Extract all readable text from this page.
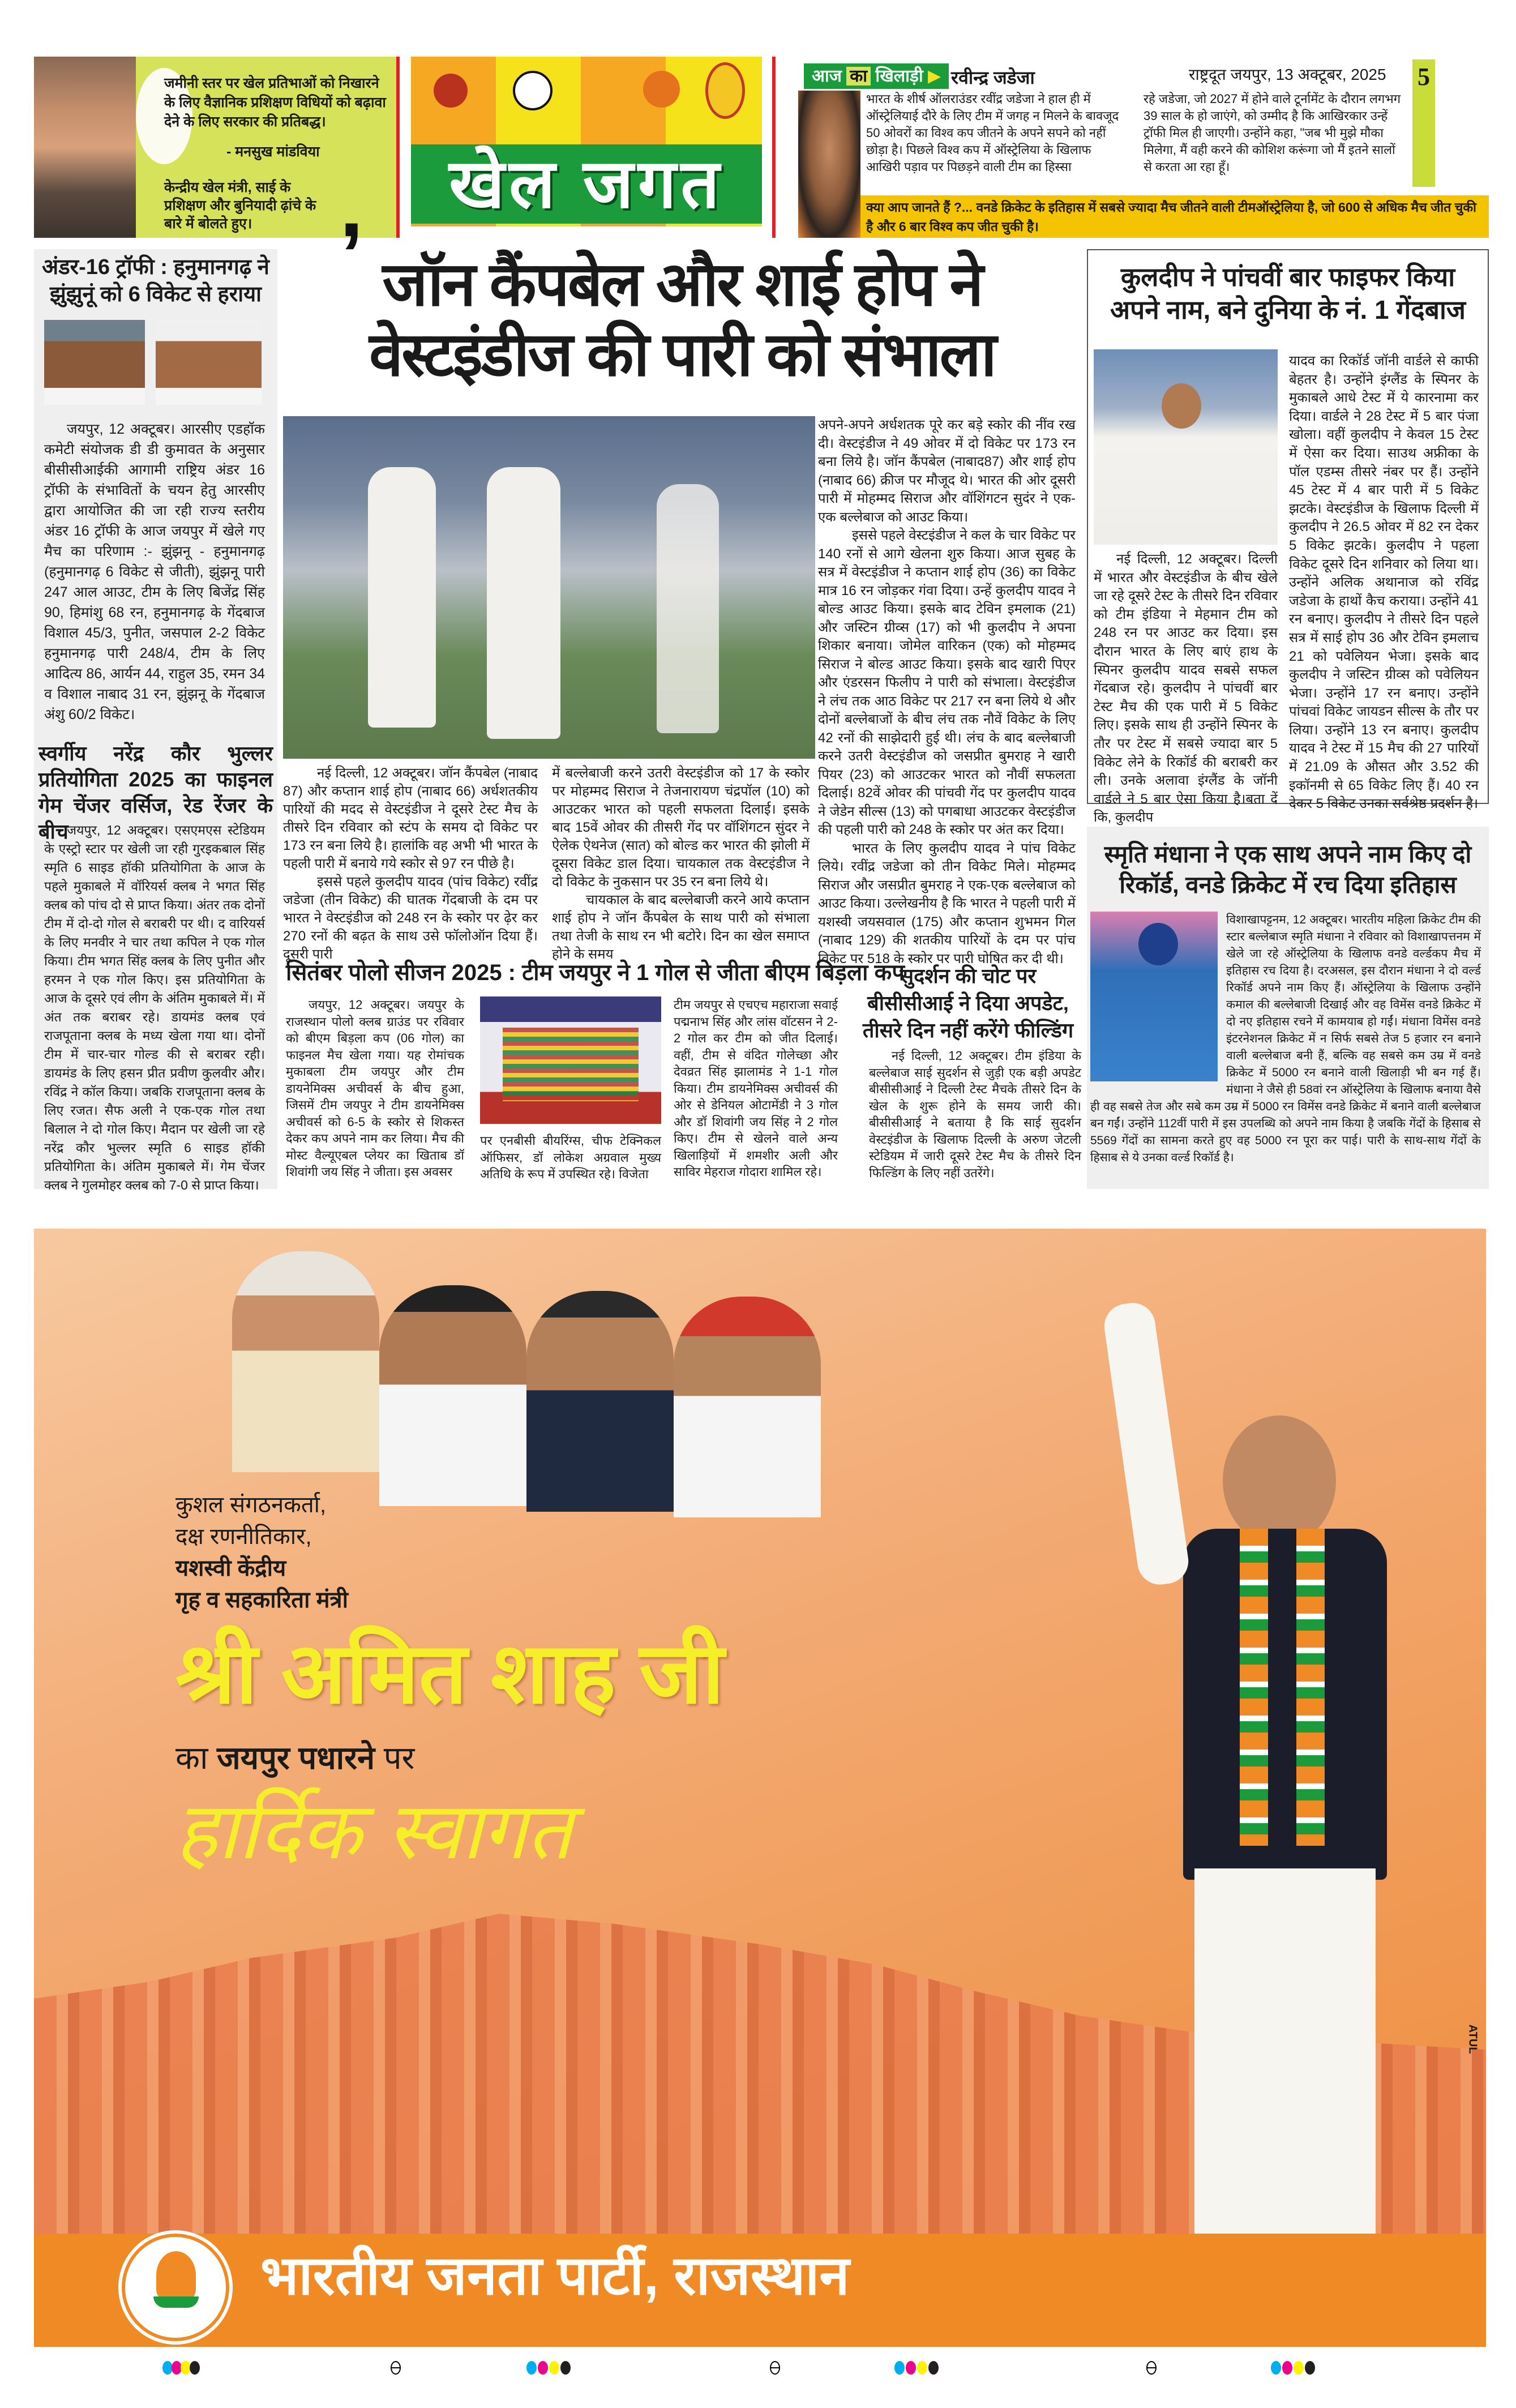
जमीनी स्तर पर खेल प्रतिभाओं को निखारने के लिए वैज्ञानिक प्रशिक्षण विधियों को बढ़ावा देने के लिए सरकार की प्रतिबद्ध।
- मनसुख मांडविया
केन्द्रीय खेल मंत्री, साई के प्रशिक्षण और बुनियादी ढ़ांचे के बारे में बोलते हुए।	,	खेल जगत
आज का खिलाड़ी ▶ रवीन्द्र जडेजा	राष्ट्रदूत जयपुर, 13 अक्टूबर, 2025	5
भारत के शीर्ष ऑलराउंडर रवींद्र जडेजा ने हाल ही में ऑस्ट्रेलियाई दौरे के लिए टीम में जगह न मिलने के बावजूद 50 ओवरों का विश्व कप जीतने के अपने सपने को नहीं छोड़ा है। पिछले विश्व कप में ऑस्ट्रेलिया के खिलाफ आखिरी पड़ाव पर पिछड़ने वाली टीम का हिस्सा
रहे जडेजा, जो 2027 में होने वाले टूर्नामेंट के दौरान लगभग 39 साल के हो जाएंगे, को उम्मीद है कि आखिरकार उन्हें ट्रॉफी मिल ही जाएगी। उन्होंने कहा, "जब भी मुझे मौका मिलेगा, मैं वही करने की कोशिश करूंगा जो मैं इतने सालों से करता आ रहा हूँ।
क्या आप जानते हैं ?... वनडे क्रिकेट के इतिहास में सबसे ज्यादा मैच जीतने वाली टीमऑस्ट्रेलिया है, जो 600 से अधिक मैच जीत चुकी है और 6 बार विश्व कप जीत चुकी है।
अंडर-16 ट्रॉफी : हनुमानगढ़ ने झुंझुनूं को 6 विकेट से हराया
जयपुर, 12 अक्टूबर। आरसीए एडहॉक कमेटी संयोजक डी डी कुमावत के अनुसार बीसीसीआईकी आगामी राष्ट्रिय अंडर 16 ट्रॉफी के संभावितों के चयन हेतु आरसीए द्वारा आयोजित की जा रही राज्य स्तरीय अंडर 16 ट्रॉफी के आज जयपुर में खेले गए मैच का परिणाम :- झुंझनू - हनुमानगढ़ (हनुमानगढ़ 6 विकेट से जीती), झुंझनू पारी 247 आल आउट, टीम के लिए बिजेंद्र सिंह 90, हिमांशु 68 रन, हनुमानगढ़ के गेंदबाज विशाल 45/3, पुनीत, जसपाल 2-2 विकेट हनुमानगढ़ पारी 248/4, टीम के लिए आदित्य 86, आर्यन 44, राहुल 35, रमन 34 व विशाल नाबाद 31 रन, झुंझनू के गेंदबाज अंशु 60/2 विकेट।
स्वर्गीय नरेंद्र कौर भुल्लर प्रतियोगिता 2025 का फाइनल गेम चेंजर वर्सिज, रेड रेंजर के बीच
जयपुर, 12 अक्टूबर। एसएमएस स्टेडियम के एस्ट्रो स्टार पर खेली जा रही गुरइकबाल सिंह स्मृति 6 साइड हॉकी प्रतियोगिता के आज के पहले मुकाबले में वॉरियर्स क्लब ने भगत सिंह क्लब को पांच दो से प्राप्त किया। अंतर तक दोनों टीम में दो-दो गोल से बराबरी पर थी। द वारियर्स के लिए मनवीर ने चार तथा कपिल ने एक गोल किया। टीम भगत सिंह क्लब के लिए पुनीत और हरमन ने एक गोल किए। इस प्रतियोगिता के आज के दूसरे एवं लीग के अंतिम मुकाबले में। में अंत तक बराबर रहे। डायमंड क्लब एवं राजपूताना क्लब के मध्य खेला गया था। दोनों टीम में चार-चार गोल्ड की से बराबर रही। डायमंड के लिए हसन प्रीत प्रवीण कुलवीर और। रविंद्र ने कॉल किया। जबकि राजपूताना क्लब के लिए रजत। सैफ अली ने एक-एक गोल तथा बिलाल ने दो गोल किए। मैदान पर खेली जा रहे नरेंद्र कौर भुल्लर स्मृति 6 साइड हॉकी प्रतियोगिता के। अंतिम मुकाबले में। गेम चेंजर क्लब ने गुलमोहर क्लब को 7-0 से प्राप्त किया।
जॉन कैंपबेल और शाई होप ने वेस्टइंडीज की पारी को संभाला

नई दिल्ली, 12 अक्टूबर। जॉन कैंपबेल (नाबाद 87) और कप्तान शाई होप (नाबाद 66) अर्धशतकीय पारियों की मदद से वेस्टइंडीज ने दूसरे टेस्ट मैच के तीसरे दिन रविवार को स्टंप के समय दो विकेट पर 173 रन बना लिये है। हालांकि वह अभी भी भारत के पहली पारी में बनाये गये स्कोर से 97 रन पीछे है।

इससे पहले कुलदीप यादव (पांच विकेट) रवींद्र जडेजा (तीन विकेट) की घातक गेंदबाजी के दम पर भारत ने वेस्टइंडीज को 248 रन के स्कोर पर ढ़ेर कर 270 रनों की बढ़त के साथ उसे फॉलोऑन दिया हैं। दूसरी पारी

में बल्लेबाजी करने उतरी वेस्टइंडीज को 17 के स्कोर पर मोहम्मद सिराज ने तेजनारायण चंद्रपॉल (10) को आउटकर भारत को पहली सफलता दिलाई। इसके बाद 15वें ओवर की तीसरी गेंद पर वॉशिंगटन सुंदर ने ऐलेक ऐथनेज (सात) को बोल्ड कर भारत की झोली में दूसरा विकेट डाल दिया। चायकाल तक वेस्टइंडीज ने दो विकेट के नुकसान पर 35 रन बना लिये थे।

चायकाल के बाद बल्लेबाजी करने आये कप्तान शाई होप ने जॉन कैंपबेल के साथ पारी को संभाला तथा तेजी के साथ रन भी बटोरे। दिन का खेल समाप्त होने के समय

अपने-अपने अर्धशतक पूरे कर बड़े स्कोर की नींव रख दी। वेस्टइंडीज ने 49 ओवर में दो विकेट पर 173 रन बना लिये है। जॉन कैंपबेल (नाबाद87) और शाई होप (नाबाद 66) क्रीज पर मौजूद थे। भारत की ओर दूसरी पारी में मोहम्मद सिराज और वॉशिंगटन सुदंर ने एक-एक बल्लेबाज को आउट किया।

इससे पहले वेस्टइंडीज ने कल के चार विकेट पर 140 रनों से आगे खेलना शुरु किया। आज सुबह के सत्र में वेस्टइंडीज ने कप्तान शाई होप (36) का विकेट मात्र 16 रन जोड़कर गंवा दिया। उन्हें कुलदीप यादव ने बोल्ड आउट किया। इसके बाद टेविन इमलाक (21) और जस्टिन ग्रीव्स (17) को भी कुलदीप ने अपना शिकार बनाया। जोमेल वारिकन (एक) को मोहम्मद सिराज ने बोल्ड आउट किया। इसके बाद खारी पिएर और एंडरसन फिलीप ने पारी को संभाला। वेस्टइंडीज ने लंच तक आठ विकेट पर 217 रन बना लिये थे और दोनों बल्लेबाजों के बीच लंच तक नौवें विकेट के लिए 42 रनों की साझेदारी हुई थी। लंच के बाद बल्लेबाजी करने उतरी वेस्टइंडीज को जसप्रीत बुमराह ने खारी पियर (23) को आउटकर भारत को नौवीं सफलता दिलाई। 82वें ओवर की पांचवी गेंद पर कुलदीप यादव ने जेडेन सील्स (13) को पगबाधा आउटकर वेस्टइंडीज की पहली पारी को 248 के स्कोर पर अंत कर दिया।

भारत के लिए कुलदीप यादव ने पांच विकेट लिये। रवींद्र जडेजा को तीन विकेट मिले। मोहम्मद सिराज और जसप्रीत बुमराह ने एक-एक बल्लेबाज को आउट किया। उल्लेखनीय है कि भारत ने पहली पारी में यशस्वी जयसवाल (175) और कप्तान शुभमन गिल (नाबाद 129) की शतकीय पारियों के दम पर पांच विकेट पर 518 के स्कोर पर पारी घोषित कर दी थी।

सितंबर पोलो सीजन 2025 : टीम जयपुर ने 1 गोल से जीता बीएम बिड़ला कप
जयपुर, 12 अक्टूबर। जयपुर के राजस्थान पोलो क्लब ग्राउंड पर रविवार को बीएम बिड़ला कप (06 गोल) का फाइनल मैच खेला गया। यह रोमांचक मुकाबला टीम जयपुर और टीम डायनेमिक्स अचीवर्स के बीच हुआ, जिसमें टीम जयपुर ने टीम डायनेमिक्स अचीवर्स को 6-5 के स्कोर से शिकस्त देकर कप अपने नाम कर लिया। मैच की मोस्ट वैल्यूएबल प्लेयर का खिताब डॉ शिवांगी जय सिंह ने जीता। इस अवसर
पर एनबीसी बीयरिंग्स, चीफ टेक्निकल ऑफिसर, डॉ लोकेश अग्रवाल मुख्य अतिथि के रूप में उपस्थित रहे। विजेता
टीम जयपुर से एचएच महाराजा सवाई पद्मनाभ सिंह और लांस वॉटसन ने 2-2 गोल कर टीम को जीत दिलाई। वहीं, टीम से वंदित गोलेच्छा और देवव्रत सिंह झालामंड ने 1-1 गोल किया। टीम डायनेमिक्स अचीवर्स की ओर से डेनियल ओटामेंडी ने 3 गोल और डॉ शिवांगी जय सिंह ने 2 गोल किए। टीम से खेलने वाले अन्य खिलाड़ियों में शमशीर अली और साविर मेहराज गोदारा शामिल रहे।
सुदर्शन की चोट पर बीसीसीआई ने दिया अपडेट, तीसरे दिन नहीं करेंगे फील्डिंग
नई दिल्ली, 12 अक्टूबर। टीम इंडिया के बल्लेबाज साई सुदर्शन से जुड़ी एक बड़ी अपडेट बीसीसीआई ने दिल्ली टेस्ट मैचके तीसरे दिन के खेल के शुरू होने के समय जारी की। बीसीसीआई ने बताया है कि साई सुदर्शन वेस्टइंडीज के खिलाफ दिल्ली के अरुण जेटली स्टेडियम में जारी दूसरे टेस्ट मैच के तीसरे दिन फिल्डिंग के लिए नहीं उतरेंगे।
कुलदीप ने पांचवीं बार फाइफर किया अपने नाम, बने दुनिया के नं. 1 गेंदबाज
यादव का रिकॉर्ड जॉनी वार्डले से काफी बेहतर है। उन्होंने इंग्लैंड के स्पिनर के मुकाबले आधे टेस्ट में ये कारनामा कर दिया। वार्डले ने 28 टेस्ट में 5 बार पंजा खोला। वहीं कुलदीप ने केवल 15 टेस्ट में ऐसा कर दिया। साउथ अफ्रीका के पॉल एडम्स तीसरे नंबर पर हैं। उन्होंने 45 टेस्ट में 4 बार पारी में 5 विकेट झटके। वेस्टइंडीज के खिलाफ दिल्ली में कुलदीप ने 26.5 ओवर में 82 रन देकर 5 विकेट झटके। कुलदीप ने पहला विकेट दूसरे दिन शनिवार को लिया था। उन्होंने अलिक अथानाज को रविंद्र जडेजा के हाथों कैच कराया। उन्होंने 41 रन बनाए। कुलदीप ने तीसरे दिन पहले सत्र में साई होप 36 और टेविन इमलाच 21 को पवेलियन भेजा। इसके बाद कुलदीप ने जस्टिन ग्रीव्स को पवेलियन भेजा। उन्होंने 17 रन बनाए। उन्होंने पांचवां विकेट जायडन सील्स के तौर पर लिया। उन्होंने 13 रन बनाए। कुलदीप यादव ने टेस्ट में 15 मैच की 27 पारियों में 21.09 के औसत और 3.52 की इकॉनमी से 65 विकेट लिए हैं। 40 रन देकर 5 विकेट उनका सर्वश्रेष्ठ प्रदर्शन है।
नई दिल्ली, 12 अक्टूबर। दिल्ली में भारत और वेस्टइंडीज के बीच खेले जा रहे दूसरे टेस्ट के तीसरे दिन रविवार को टीम इंडिया ने मेहमान टीम को 248 रन पर आउट कर दिया। इस दौरान भारत के लिए बाएं हाथ के स्पिनर कुलदीप यादव सबसे सफल गेंदबाज रहे। कुलदीप ने पांचवीं बार टेस्ट मैच की एक पारी में 5 विकेट लिए। इसके साथ ही उन्होंने स्पिनर के तौर पर टेस्ट में सबसे ज्यादा बार 5 विकेट लेने के रिकॉर्ड की बराबरी कर ली। उनके अलावा इंग्लैंड के जॉनी वार्डले ने 5 बार ऐसा किया है।बता दें कि, कुलदीप
स्मृति मंधाना ने एक साथ अपने नाम किए दो रिकॉर्ड, वनडे क्रिकेट में रच दिया इतिहास
विशाखापट्टनम, 12 अक्टूबर। भारतीय महिला क्रिकेट टीम की स्टार बल्लेबाज स्मृति मंधाना ने रविवार को विशाखापत्तनम में खेले जा रहे ऑस्ट्रेलिया के खिलाफ वनडे वर्ल्डकप मैच में इतिहास रच दिया है। दरअसल, इस दौरान मंधाना ने दो वर्ल्ड रिकॉर्ड अपने नाम किए हैं। ऑस्ट्रेलिया के खिलाफ उन्होंने कमाल की बल्लेबाजी दिखाई और वह विमेंस वनडे क्रिकेट में दो नए इतिहास रचने में कामयाब हो गईं। मंधाना विमेंस वनडे इंटरनेशनल क्रिकेट में न सिर्फ सबसे तेज 5 हजार रन बनाने वाली बल्लेबाज बनी हैं, बल्कि वह सबसे कम उम्र में वनडे क्रिकेट में 5000 रन बनाने वाली खिलाड़ी भी बन गई हैं। मंधाना ने जैसे ही 58वां रन ऑस्ट्रेलिया के खिलाफ बनाया वैसे ही वह सबसे तेज और सबे कम उम्र में 5000 रन विमेंस वनडे क्रिकेट में बनाने वाली बल्लेबाज बन गईं। उन्होंने 112वीं पारी में इस उपलब्धि को अपने नाम किया है जबकि गेंदों के हिसाब से 5569 गेंदों का सामना करते हुए वह 5000 रन पूरा कर पाई। पारी के साथ-साथ गेंदों के हिसाब से ये उनका वर्ल्ड रिकॉर्ड है।
कुशल संगठनकर्ता,
दक्ष रणनीतिकार,
यशस्वी केंद्रीय
गृह व सहकारिता मंत्री
श्री अमित शाह जी
का जयपुर पधारने पर
हार्दिक स्वागत
ATUL
भारतीय जनता पार्टी, राजस्थान
